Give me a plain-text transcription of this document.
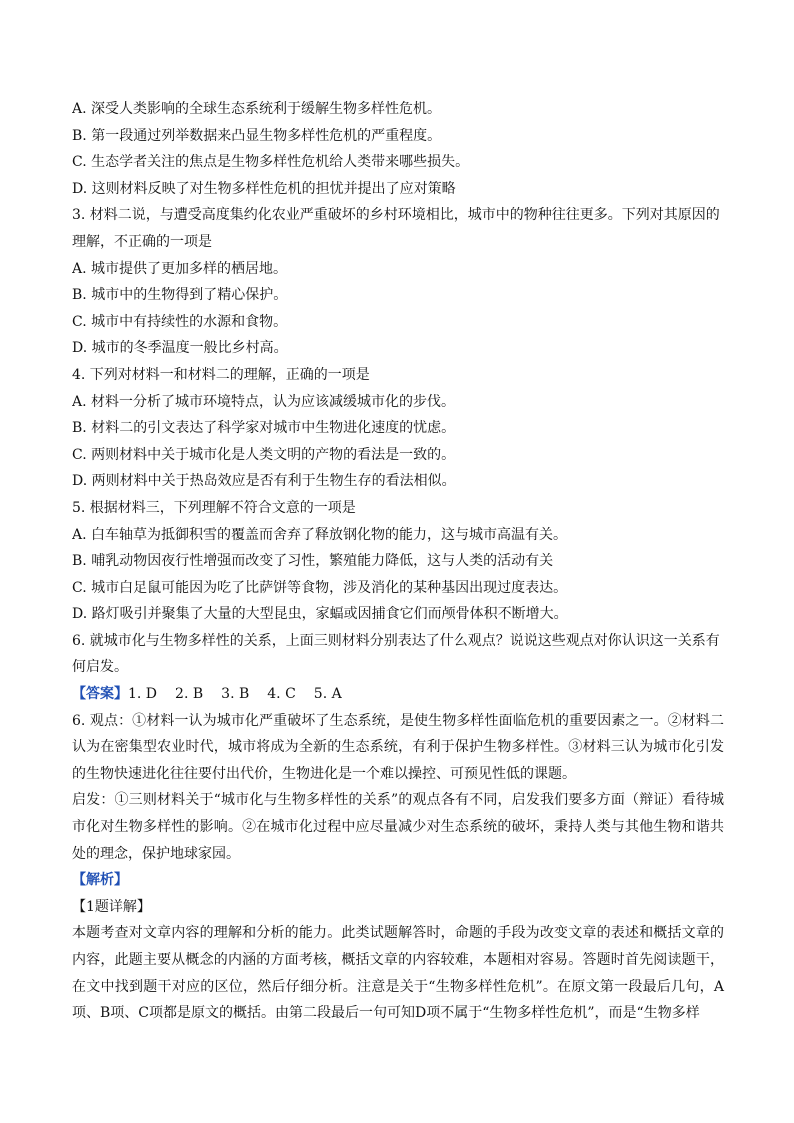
A. 深受人类影响的全球生态系统利于缓解生物多样性危机。
B. 第一段通过列举数据来凸显生物多样性危机的严重程度。
C. 生态学者关注的焦点是生物多样性危机给人类带来哪些损失。
D. 这则材料反映了对生物多样性危机的担忧并提出了应对策略
3. 材料二说，与遭受高度集约化农业严重破坏的乡村环境相比，城市中的物种往往更多。下列对其原因的
理解，不正确的一项是
A. 城市提供了更加多样的栖居地。
B. 城市中的生物得到了精心保护。
C. 城市中有持续性的水源和食物。
D. 城市的冬季温度一般比乡村高。
4. 下列对材料一和材料二的理解，正确的一项是
A. 材料一分析了城市环境特点，认为应该减缓城市化的步伐。
B. 材料二的引文表达了科学家对城市中生物进化速度的忧虑。
C. 两则材料中关于城市化是人类文明的产物的看法是一致的。
D. 两则材料中关于热岛效应是否有利于生物生存的看法相似。
5. 根据材料三，下列理解不符合文意的一项是
A. 白车轴草为抵御积雪的覆盖而舍弃了释放钢化物的能力，这与城市高温有关。
B. 哺乳动物因夜行性增强而改变了习性，繁殖能力降低，这与人类的活动有关
C. 城市白足鼠可能因为吃了比萨饼等食物，涉及消化的某种基因出现过度表达。
D. 路灯吸引并聚集了大量的大型昆虫，家蝠或因捕食它们而颅骨体积不断增大。
6. 就城市化与生物多样性的关系，上面三则材料分别表达了什么观点？说说这些观点对你认识这一关系有
何启发。
【答案】1. D 2. B 3. B 4. C 5. A
6. 观点：①材料一认为城市化严重破坏了生态系统，是使生物多样性面临危机的重要因素之一。②材料二认为在密集型农业时代，城市将成为全新的生态系统，有利于保护生物多样性。③材料三认为城市化引发的生物快速进化往往要付出代价，生物进化是一个难以操控、可预见性低的课题。
启发：①三则材料关于“城市化与生物多样性的关系”的观点各有不同，启发我们要多方面（辩证）看待城市化对生物多样性的影响。②在城市化过程中应尽量减少对生态系统的破坏，秉持人类与其他生物和谐共处的理念，保护地球家园。
【解析】
【1题详解】
本题考查对文章内容的理解和分析的能力。此类试题解答时，命题的手段为改变文章的表述和概括文章的内容，此题主要从概念的内涵的方面考核，概括文章的内容较难，本题相对容易。答题时首先阅读题干，在文中找到题干对应的区位，然后仔细分析。注意是关于“生物多样性危机”。在原文第一段最后几句，A项、B项、C项都是原文的概括。由第二段最后一句可知D项不属于“生物多样性危机”，而是“生物多样
